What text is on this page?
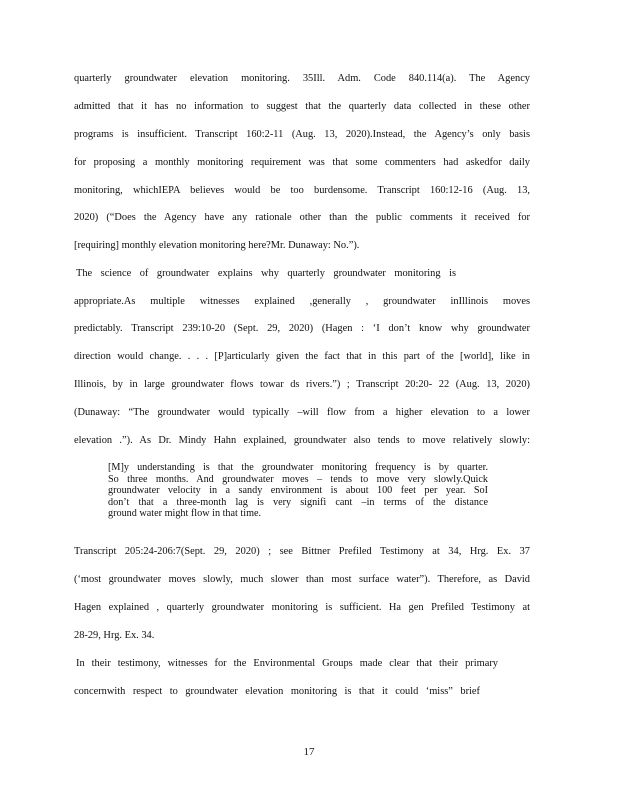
quarterly groundwater elevation monitoring. 35Ill. Adm. Code 840.114(a). The Agency
admitted that it has no information to suggest that the quarterly data collected in these other
programs is insufficient. Transcript 160:2-11 (Aug. 13, 2020).Instead, the Agency’s only basis
for proposing a monthly monitoring requirement was that some commenters had askedfor daily
monitoring, whichIEPA believes would be too burdensome. Transcript 160:12-16 (Aug. 13,
2020) (“Does the Agency have any rationale other than the public comments it received for
[requiring] monthly elevation monitoring here?Mr. Dunaway: No.”).
The science of groundwater explains why quarterly groundwater monitoring is
appropriate.As multiple witnesses explained ,generally , groundwater inIllinois moves
predictably. Transcript 239:10-20 (Sept. 29, 2020) (Hagen : ‘I don’t know why groundwater
direction would change. . . . [P]articularly given the fact that in this part of the [world], like in
Illinois, by in large groundwater flows towar ds rivers.”) ; Transcript 20:20- 22 (Aug. 13, 2020)
(Dunaway: “The groundwater would typically –will flow from a higher elevation to a lower
elevation .”). As Dr. Mindy Hahn explained, groundwater also tends to move relatively slowly:
[M]y understanding is that the groundwater monitoring frequency is by quarter.
So three months. And groundwater moves – tends to move very slowly.Quick
groundwater velocity in a sandy environment is about 100 feet per year. SoI
don’t that a three-month lag is very signifi cant –in terms of the distance
ground water might flow in that time.
Transcript 205:24-206:7(Sept. 29, 2020) ; see Bittner Prefiled Testimony at 34, Hrg. Ex. 37
(‘most groundwater moves slowly, much slower than most surface water”). Therefore, as David
Hagen explained , quarterly groundwater monitoring is sufficient. Ha gen Prefiled Testimony at
28-29, Hrg. Ex. 34.
In their testimony, witnesses for the Environmental Groups made clear that their primary
concernwith respect to groundwater elevation monitoring is that it could ‘miss” brief
17
